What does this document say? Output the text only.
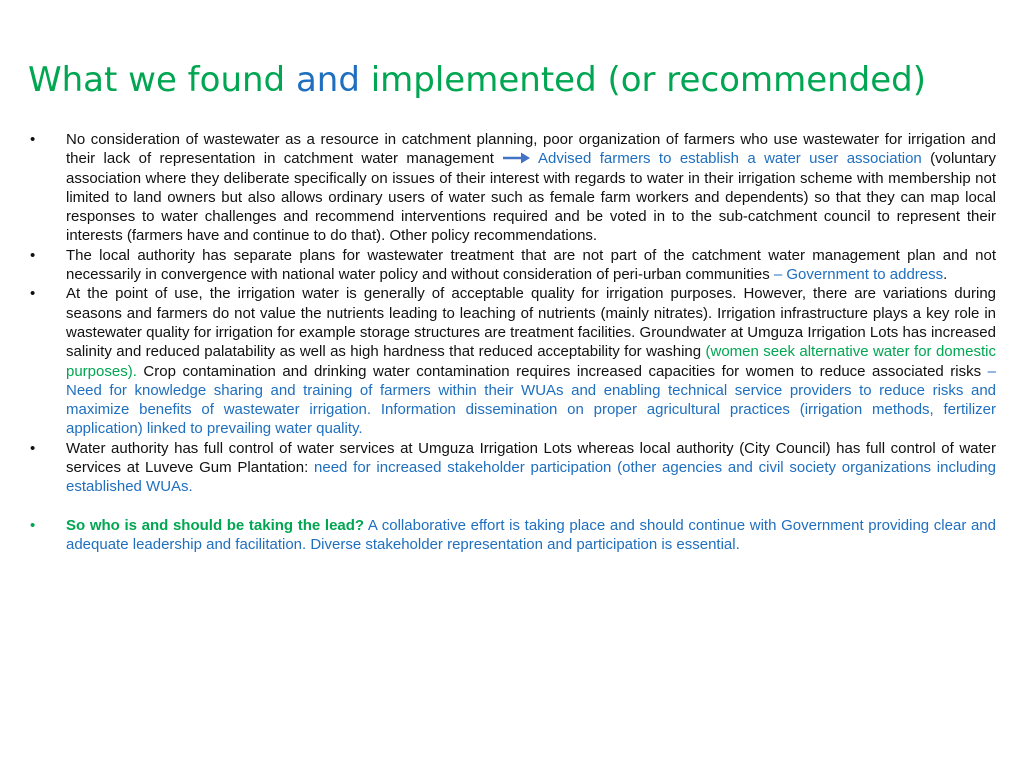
What we found and implemented (or recommended)
•	No consideration of wastewater as a resource in catchment planning, poor organization of farmers who use wastewater for irrigation and their lack of representation in catchment water management	Advised farmers to establish a water user association (voluntary association where they deliberate specifically on issues of their interest with regards to water in their irrigation scheme with membership not limited to land owners but also allows ordinary users of water such as female farm workers and dependents) so that they can map local responses to water challenges and recommend interventions required and be voted in to the sub-catchment council to represent their interests (farmers have and continue to do that). Other policy recommendations.
•	The local authority has separate plans for wastewater treatment that are not part of the catchment water management plan and not necessarily in convergence with national water policy and without consideration of peri-urban communities – Government to address.
•	At the point of use, the irrigation water is generally of acceptable quality for irrigation purposes. However, there are variations during seasons and farmers do not value the nutrients leading to leaching of nutrients (mainly nitrates). Irrigation infrastructure plays a key role in wastewater quality for irrigation for example storage structures are treatment facilities. Groundwater at Umguza Irrigation Lots has increased salinity and reduced palatability as well as high hardness that reduced acceptability for washing (women seek alternative water for domestic purposes). Crop contamination and drinking water contamination requires increased capacities for women to reduce associated risks – Need for knowledge sharing and training of farmers within their WUAs and enabling technical service providers to reduce risks and maximize benefits of wastewater irrigation. Information dissemination on proper agricultural practices (irrigation methods, fertilizer application) linked to prevailing water quality.
•	Water authority has full control of water services at Umguza Irrigation Lots whereas local authority (City Council) has full control of water services at Luveve Gum Plantation: need for increased stakeholder participation (other agencies and civil society organizations including established WUAs.
•	So who is and should be taking the lead? A collaborative effort is taking place and should continue with Government providing clear and adequate leadership and facilitation. Diverse stakeholder representation and participation is essential.
